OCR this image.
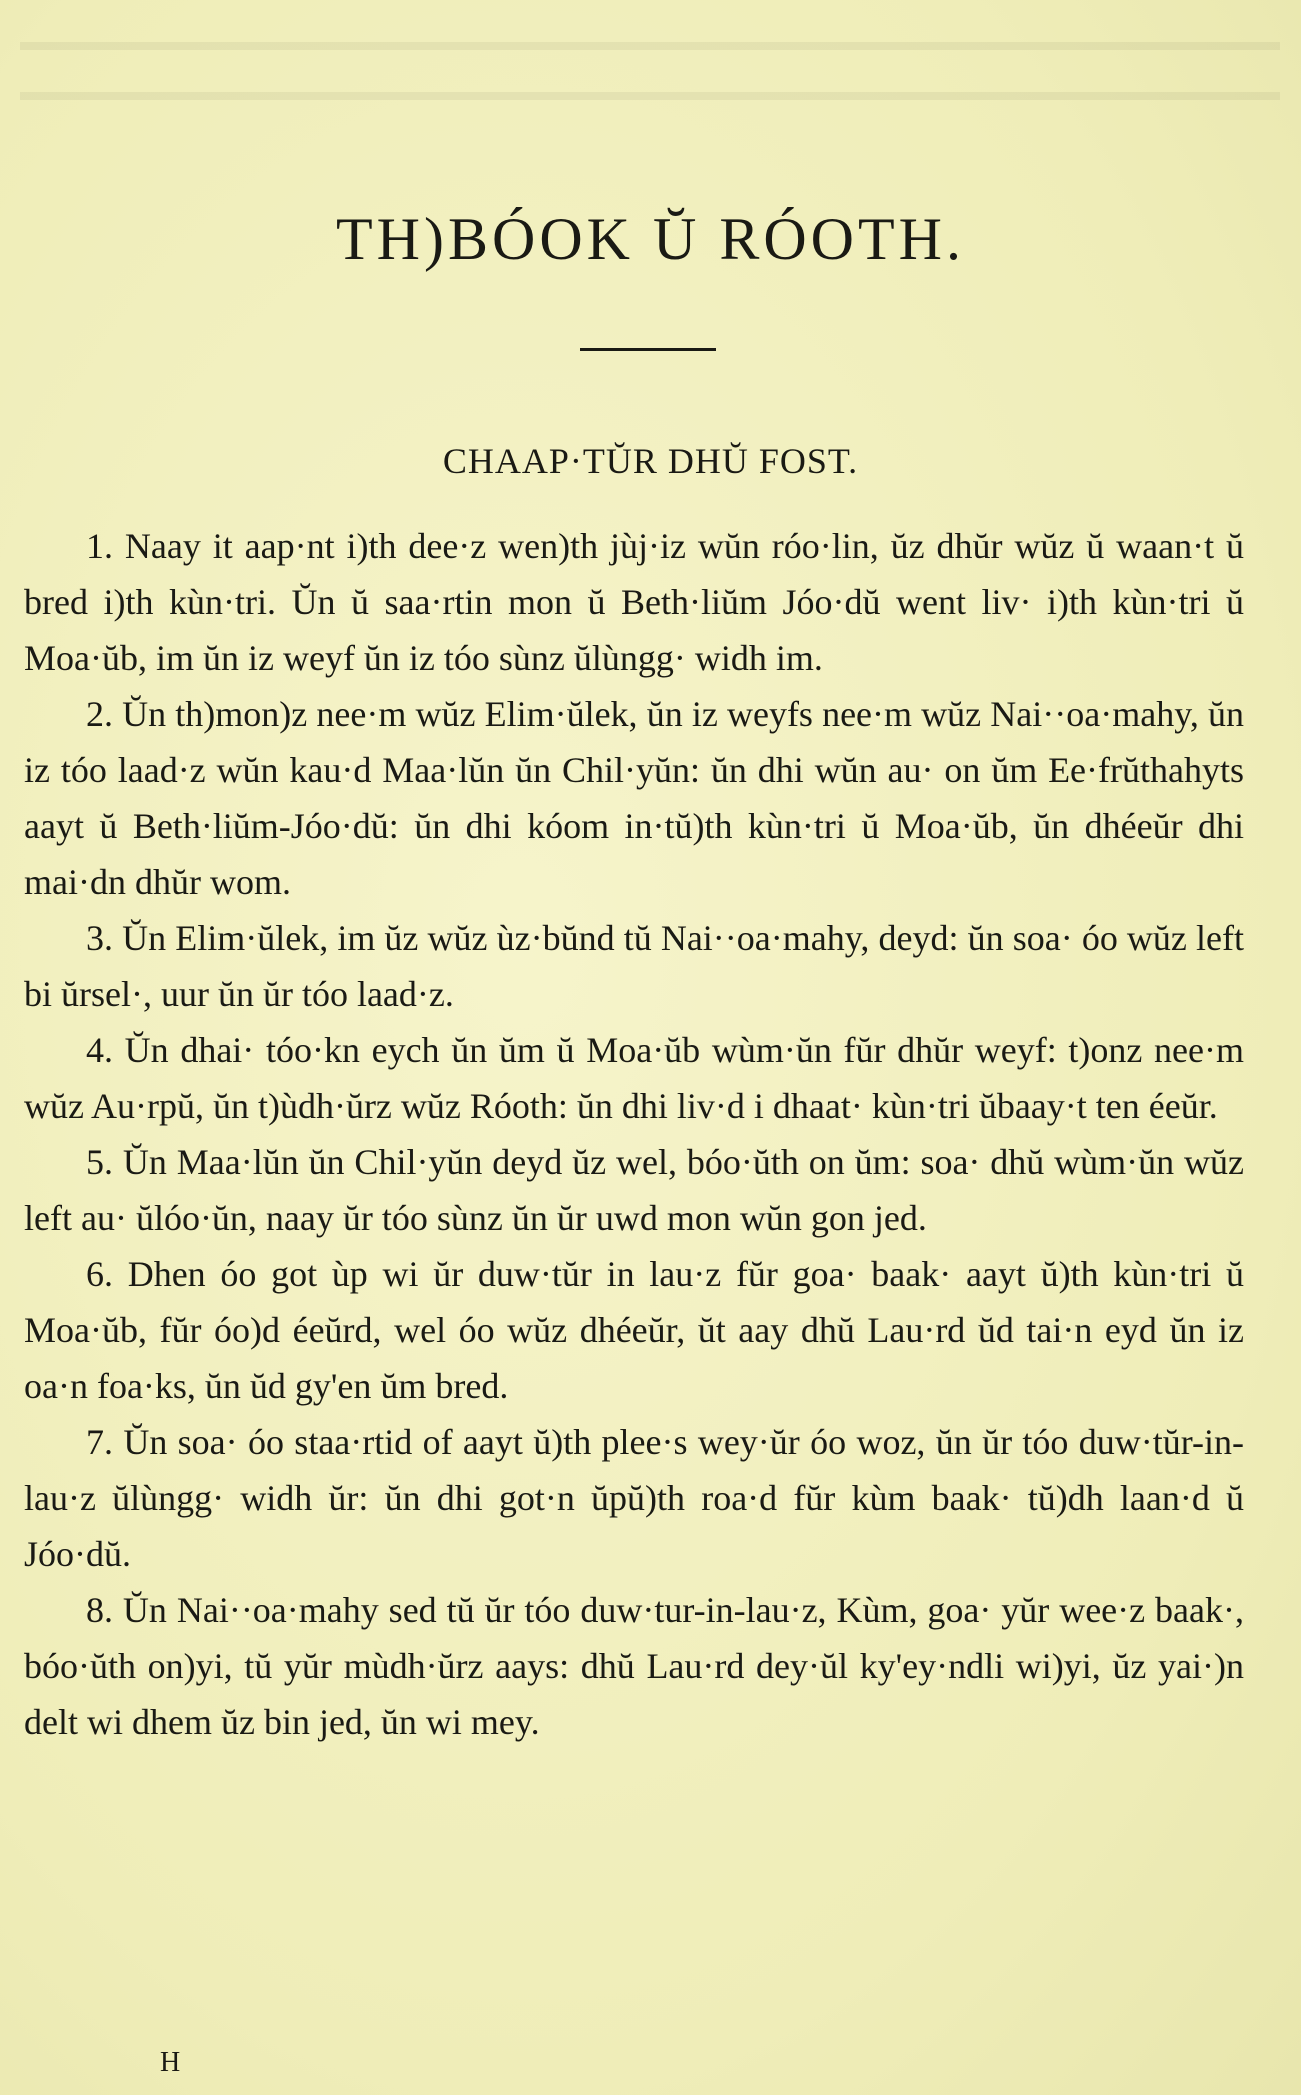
TH)BÓOK Ŭ RÓOTH.
CHAAP·TŬR DHŬ FOST.

1. Naay it aap·nt i)th dee·z wen)th jùj·iz wŭn róo·lin, ŭz dhŭr wŭz ŭ waan·t ŭ bred i)th kùn·tri. Ŭn ŭ saa·rtin mon ŭ Beth·liŭm Jóo·dŭ went liv· i)th kùn·tri ŭ Moa·ŭb, im ŭn iz weyf ŭn iz tóo sùnz ŭlùngg· widh im.

2. Ŭn th)mon)z nee·m wŭz Elim·ŭlek, ŭn iz weyfs nee·m wŭz Nai··oa·mahy, ŭn iz tóo laad·z wŭn kau·d Maa·lŭn ŭn Chil·yŭn: ŭn dhi wŭn au· on ŭm Ee·frŭthahyts aayt ŭ Beth·liŭm-Jóo·dŭ: ŭn dhi kóom in·tŭ)th kùn·tri ŭ Moa·ŭb, ŭn dhéeŭr dhi mai·dn dhŭr wom.

3. Ŭn Elim·ŭlek, im ŭz wŭz ùz·bŭnd tŭ Nai··oa·mahy, deyd: ŭn soa· óo wŭz left bi ŭrsel·, uur ŭn ŭr tóo laad·z.

4. Ŭn dhai· tóo·kn eych ŭn ŭm ŭ Moa·ŭb wùm·ŭn fŭr dhŭr weyf: t)onz nee·m wŭz Au·rpŭ, ŭn t)ùdh·ŭrz wŭz Róoth: ŭn dhi liv·d i dhaat· kùn·tri ŭbaay·t ten éeŭr.

5. Ŭn Maa·lŭn ŭn Chil·yŭn deyd ŭz wel, bóo·ŭth on ŭm: soa· dhŭ wùm·ŭn wŭz left au· ŭlóo·ŭn, naay ŭr tóo sùnz ŭn ŭr uwd mon wŭn gon jed.

6. Dhen óo got ùp wi ŭr duw·tŭr in lau·z fŭr goa· baak· aayt ŭ)th kùn·tri ŭ Moa·ŭb, fŭr óo)d éeŭrd, wel óo wŭz dhéeŭr, ŭt aay dhŭ Lau·rd ŭd tai·n eyd ŭn iz oa·n foa·ks, ŭn ŭd gy'en ŭm bred.

7. Ŭn soa· óo staa·rtid of aayt ŭ)th plee·s wey·ŭr óo woz, ŭn ŭr tóo duw·tŭr-in-lau·z ŭlùngg· widh ŭr: ŭn dhi got·n ŭpŭ)th roa·d fŭr kùm baak· tŭ)dh laan·d ŭ Jóo·dŭ.

8. Ŭn Nai··oa·mahy sed tŭ ŭr tóo duw·tur-in-lau·z, Kùm, goa· yŭr wee·z baak·, bóo·ŭth on)yi, tŭ yŭr mùdh·ŭrz aays: dhŭ Lau·rd dey·ŭl ky'ey·ndli wi)yi, ŭz yai·)n delt wi dhem ŭz bin jed, ŭn wi mey.

H
